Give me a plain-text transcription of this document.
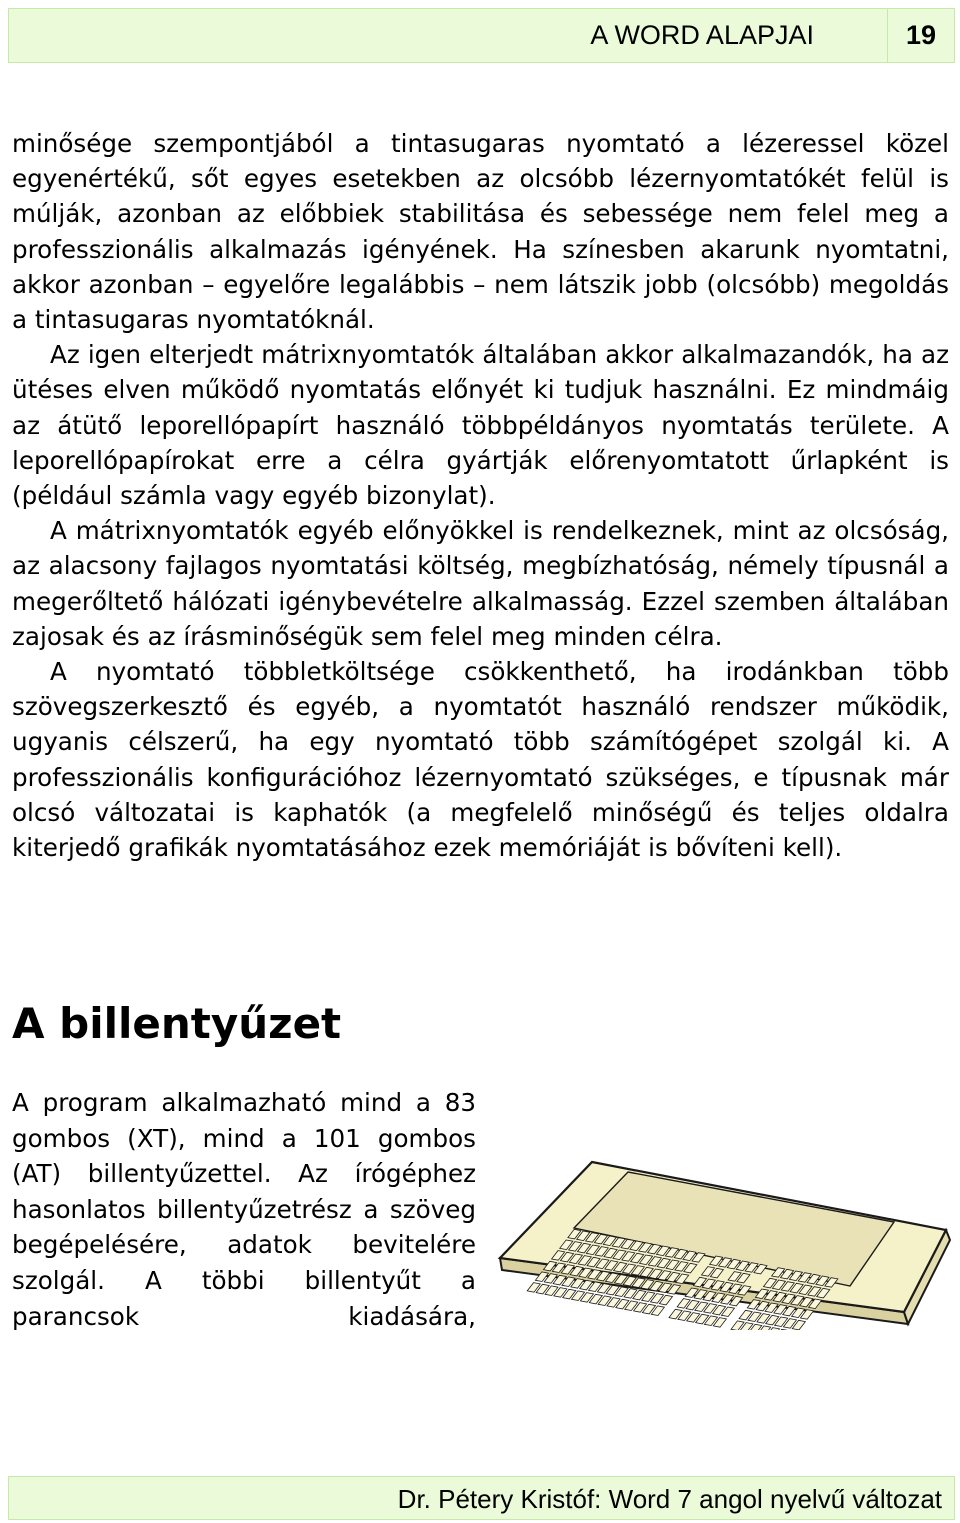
A WORD ALAPJAI	19

minősége szempontjából a tintasugaras nyomtató a lézeressel közel egyenértékű, sőt egyes esetekben az olcsóbb lézernyomtatókét felül is múlják, azonban az előbbiek stabilitása és sebessége nem felel meg a professzionális alkalmazás igényének. Ha színesben akarunk nyomtatni, akkor azonban – egyelőre legalábbis – nem látszik jobb (olcsóbb) megoldás a tintasugaras nyomtatóknál.

Az igen elterjedt mátrixnyomtatók általában akkor alkalmazandók, ha az ütéses elven működő nyomtatás előnyét ki tudjuk használni. Ez mindmáig az átütő leporellópapírt használó többpéldányos nyomtatás területe. A leporellópapírokat erre a célra gyártják előrenyomtatott űrlapként is (például számla vagy egyéb bizonylat).

A mátrixnyomtatók egyéb előnyökkel is rendelkeznek, mint az olcsóság, az alacsony fajlagos nyomtatási költség, megbízhatóság, némely típusnál a megerőltető hálózati igénybevételre alkalmasság. Ezzel szemben általában zajosak és az írásminőségük sem felel meg minden célra.

A nyomtató többletköltsége csökkenthető, ha irodánkban több szövegszerkesztő és egyéb, a nyomtatót használó rendszer működik, ugyanis célszerű, ha egy nyomtató több számítógépet szolgál ki. A professzionális konfigurációhoz lézernyomtató szükséges, e típusnak már olcsó változatai is kaphatók (a megfelelő minőségű és teljes oldalra kiterjedő grafikák nyomtatásához ezek memóriáját is bővíteni kell).

A billentyűzet

A program alkalmazható mind a 83 gombos (XT), mind a 101 gombos (AT) billentyűzettel. Az írógéphez hasonlatos billentyűzetrész a szöveg begépelésére, adatok bevitelére szolgál. A többi billentyűt a parancsok kiadására,

Dr. Pétery Kristóf: Word 7 angol nyelvű változat
